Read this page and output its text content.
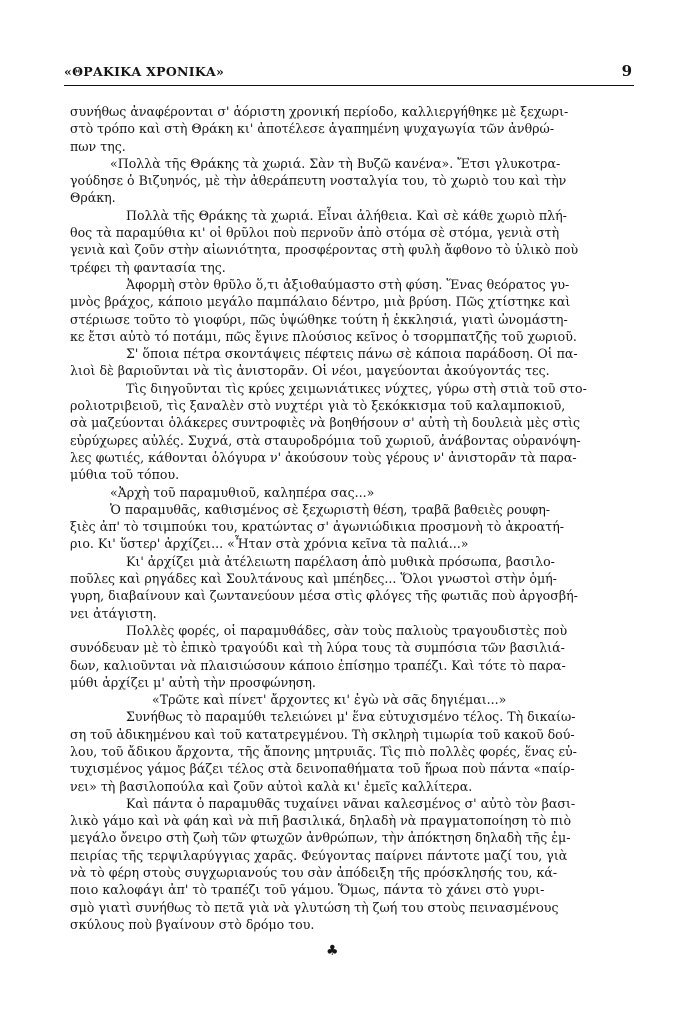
«ΘΡΑΚΙΚΑ ΧΡΟΝΙΚΑ»	9

συνήθως ἀναφέρονται σ' ἀόριστη χρονική περίοδο, καλλιεργήθηκε μὲ ξεχωρι-

στὸ τρόπο καὶ στὴ Θράκη κι' ἀποτέλεσε ἀγαπημένη ψυχαγωγία τῶν ἀνθρώ-

πων της.

«Πολλὰ τῆς Θράκης τὰ χωριά. Σὰν τὴ Βυζῶ κανένα». Ἔτσι γλυκοτρα-

γούδησε ὁ Βιζυηνός, μὲ τὴν ἀθεράπευτη νοσταλγία του, τὸ χωριὸ του καὶ τὴν

Θράκη.

Πολλὰ τῆς Θράκης τὰ χωριά. Εἶναι ἀλήθεια. Καὶ σὲ κάθε χωριὸ πλή-

θος τὰ παραμύθια κι' οἱ θρῦλοι ποὺ περνοῦν ἀπὸ στόμα σὲ στόμα, γενιὰ στὴ

γενιὰ καὶ ζοῦν στὴν αἰωνιότητα, προσφέροντας στὴ φυλὴ ἄφθονο τὸ ὑλικὸ ποὺ

τρέφει τὴ φαντασία της.

Ἀφορμὴ στὸν θρῦλο ὅ,τι ἀξιοθαύμαστο στὴ φύση. Ἕνας θεόρατος γυ-

μνὸς βράχος, κάποιο μεγάλο παμπάλαιο δέντρο, μιὰ βρύση. Πῶς χτίστηκε καὶ

στέριωσε τοῦτο τὸ γιοφύρι, πῶς ὑψώθηκε τούτη ἡ ἐκκλησιά, γιατὶ ὠνομάστη-

κε ἔτσι αὐτὸ τό ποτάμι, πῶς ἔγινε πλούσιος κεῖνος ὁ τσορμπατζῆς τοῦ χωριοῦ.

Σ' ὅποια πέτρα σκοντάψεις πέφτεις πάνω σὲ κάποια παράδοση. Οἱ πα-

λιοὶ δὲ βαριοῦνται νὰ τὶς ἀνιστορᾶν. Οἱ νέοι, μαγεύονται ἀκούγοντάς τες.

Τὶς διηγοῦνται τὶς κρύες χειμωνιάτικες νύχτες, γύρω στὴ στιὰ τοῦ στο-

ρολιοτριβειοῦ, τὶς ξαναλὲν στὸ νυχτέρι γιὰ τὸ ξεκόκκισμα τοῦ καλαμποκιοῦ,

σὰ μαζεύονται ὁλάκερες συντροφιὲς νὰ βοηθήσουν σ' αὐτὴ τὴ δουλειὰ μὲς στὶς

εὐρύχωρες αὐλές. Συχνά, στὰ σταυροδρόμια τοῦ χωριοῦ, ἀνάβοντας οὐρανόψη-

λες φωτιές, κάθονται ὁλόγυρα ν' ἀκούσουν τοὺς γέρους ν' ἀνιστορᾶν τὰ παρα-

μύθια τοῦ τόπου.

«Ἀρχὴ τοῦ παραμυθιοῦ, καληπέρα σας...»

Ὁ παραμυθᾶς, καθισμένος σὲ ξεχωριστὴ θέση, τραβᾶ βαθειὲς ρουφη-

ξιὲς ἀπ' τὸ τσιμπούκι του, κρατώντας σ' ἀγωνιώδικια προσμονὴ τὸ ἀκροατή-

ριο. Κι' ὕστερ' ἀρχίζει... «Ἦταν στὰ χρόνια κεῖνα τὰ παλιά...»

Κι' ἀρχίζει μιὰ ἀτέλειωτη παρέλαση ἀπὸ μυθικὰ πρόσωπα, βασιλο-

ποῦλες καὶ ρηγάδες καὶ Σουλτάνους καὶ μπέηδες... Ὅλοι γνωστοὶ στὴν ὁμή-

γυρη, διαβαίνουν καὶ ζωντανεύουν μέσα στὶς φλόγες τῆς φωτιᾶς ποὺ ἀργοσβή-

νει ἀτάγιστη.

Πολλὲς φορές, οἱ παραμυθάδες, σὰν τοὺς παλιοὺς τραγουδιστὲς ποὺ

συνόδευαν μὲ τὸ ἐπικὸ τραγούδι καὶ τὴ λύρα τους τὰ συμπόσια τῶν βασιλιά-

δων, καλιοῦνται νὰ πλαισιώσουν κάποιο ἐπίσημο τραπέζι. Καὶ τότε τὸ παρα-

μύθι ἀρχίζει μ' αὐτὴ τὴν προσφώνηση.

«Τρῶτε καὶ πίνετ' ἄρχοντες κι' ἐγὼ νὰ σᾶς δηγιέμαι...»

Συνήθως τὸ παραμύθι τελειώνει μ' ἕνα εὐτυχισμένο τέλος. Τὴ δικαίω-

ση τοῦ ἀδικημένου καὶ τοῦ κατατρεγμένου. Τὴ σκληρὴ τιμωρία τοῦ κακοῦ δού-

λου, τοῦ ἄδικου ἄρχοντα, τῆς ἄπονης μητρυιᾶς. Τὶς πιὸ πολλὲς φορές, ἕνας εὐ-

τυχισμένος γάμος βάζει τέλος στὰ δεινοπαθήματα τοῦ ἥρωα ποὺ πάντα «παίρ-

νει» τὴ βασιλοπούλα καὶ ζοῦν αὐτοὶ καλὰ κι' ἐμεῖς καλλίτερα.

Καὶ πάντα ὁ παραμυθᾶς τυχαίνει νᾶναι καλεσμένος σ' αὐτὸ τὸν βασι-

λικὸ γάμο καὶ νὰ φάη καὶ νὰ πιῆ βασιλικά, δηλαδὴ νὰ πραγματοποίηση τὸ πιὸ

μεγάλο ὄνειρο στὴ ζωὴ τῶν φτωχῶν ἀνθρώπων, τὴν ἀπόκτηση δηλαδὴ τῆς ἐμ-

πειρίας τῆς τερψιλαρύγγιας χαρᾶς. Φεύγοντας παίρνει πάντοτε μαζί του, γιὰ

νὰ τὸ φέρη στοὺς συγχωριανούς του σὰν ἀπόδειξη τῆς πρόσκλησής του, κά-

ποιο καλοφάγι ἀπ' τὸ τραπέζι τοῦ γάμου. Ὅμως, πάντα τὸ χάνει στὸ γυρι-

σμὸ γιατὶ συνήθως τὸ πετᾶ γιὰ νὰ γλυτώση τὴ ζωή του στοὺς πεινασμένους

σκύλους ποὺ βγαίνουν στὸ δρόμο του.

♣
